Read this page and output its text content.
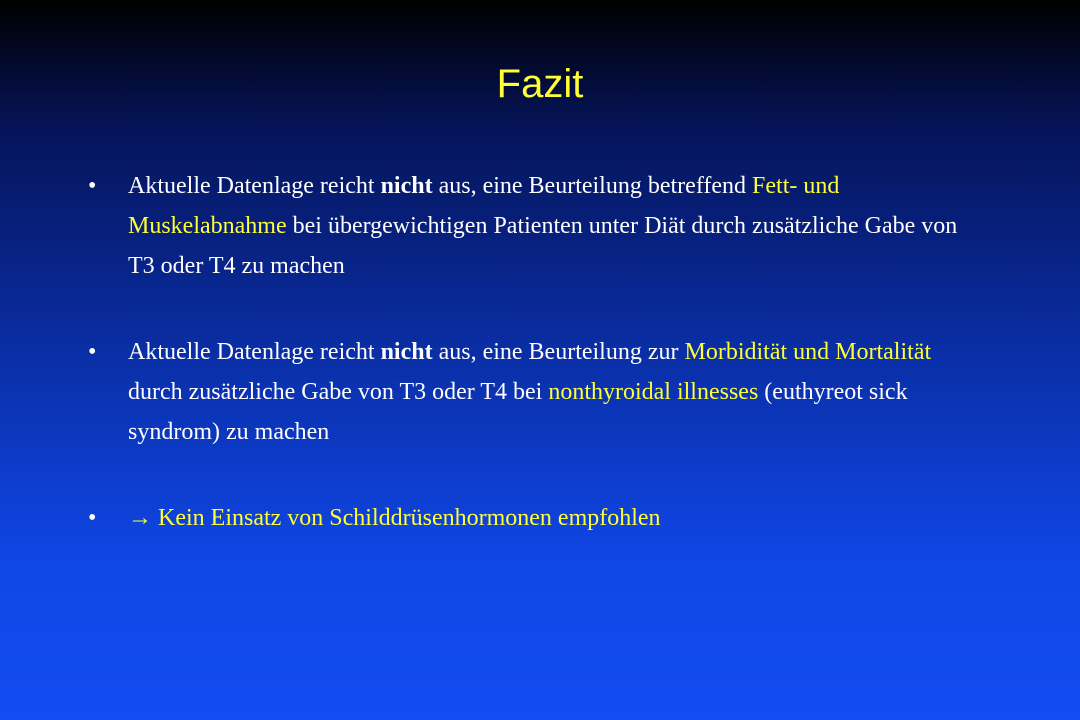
Fazit
• Aktuelle Datenlage reicht nicht aus, eine Beurteilung betreffend Fett- und Muskelabnahme bei übergewichtigen Patienten unter Diät durch zusätzliche Gabe von T3 oder T4 zu machen
• Aktuelle Datenlage reicht nicht aus, eine Beurteilung zur Morbidität und Mortalität durch zusätzliche Gabe von T3 oder T4 bei nonthyroidal illnesses (euthyreot sick syndrom) zu machen
• → Kein Einsatz von Schilddrüsenhormonen empfohlen
